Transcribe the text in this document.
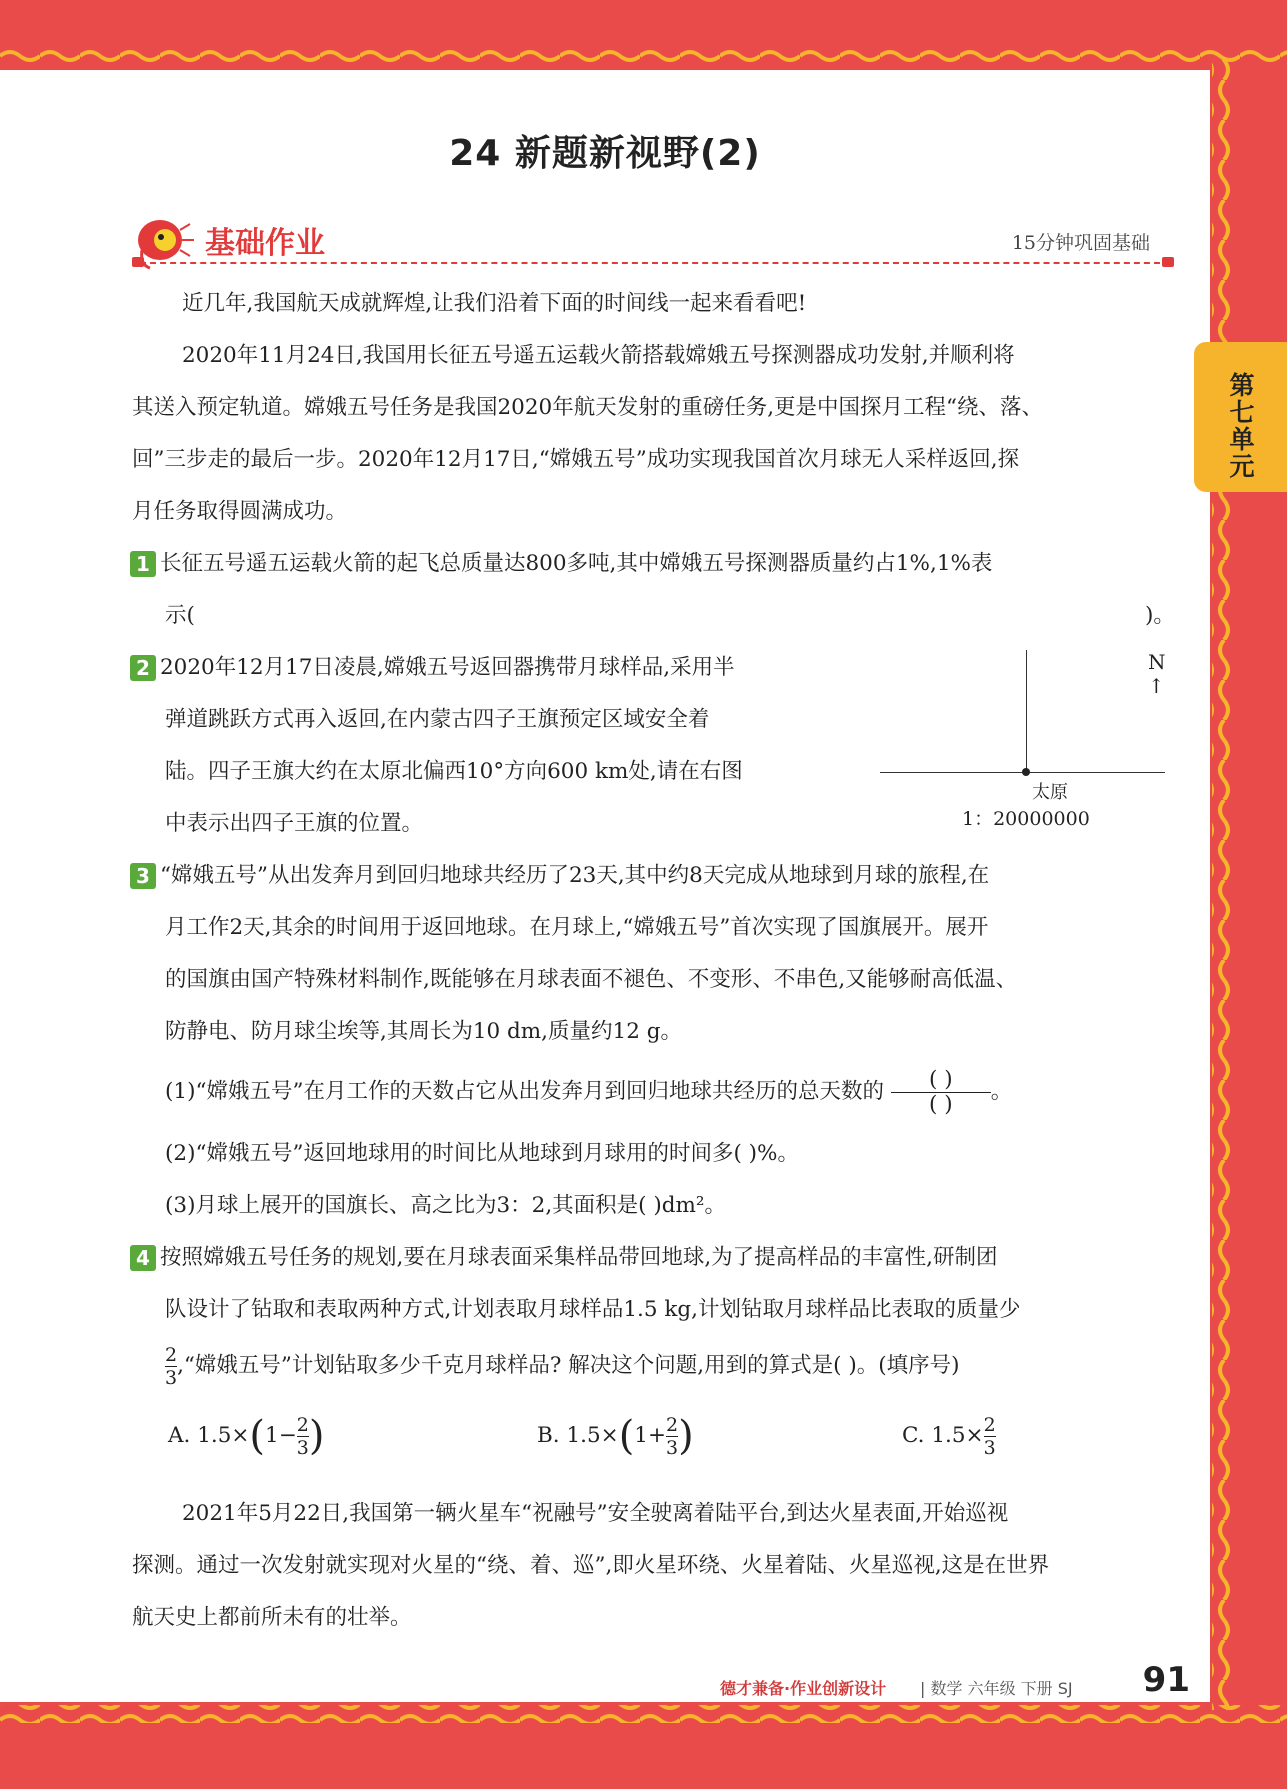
24 新题新视野(2)
基础作业	15分钟巩固基础
近几年,我国航天成就辉煌,让我们沿着下面的时间线一起来看看吧!
2020年11月24日,我国用长征五号遥五运载火箭搭载嫦娥五号探测器成功发射,并顺利将
其送入预定轨道。嫦娥五号任务是我国2020年航天发射的重磅任务,更是中国探月工程“绕、落、
回”三步走的最后一步。2020年12月17日,“嫦娥五号”成功实现我国首次月球无人采样返回,探
月任务取得圆满成功。
1 长征五号遥五运载火箭的起飞总质量达800多吨,其中嫦娥五号探测器质量约占1%,1%表
示(	)。
2 2020年12月17日凌晨,嫦娥五号返回器携带月球样品,采用半
弹道跳跃方式再入返回,在内蒙古四子王旗预定区域安全着
陆。四子王旗大约在太原北偏西10°方向600 km处,请在右图
中表示出四子王旗的位置。
N
↑
太原
1：20000000
3 “嫦娥五号”从出发奔月到回归地球共经历了23天,其中约8天完成从地球到月球的旅程,在
月工作2天,其余的时间用于返回地球。在月球上,“嫦娥五号”首次实现了国旗展开。展开
的国旗由国产特殊材料制作,既能够在月球表面不褪色、不变形、不串色,又能够耐高低温、
防静电、防月球尘埃等,其周长为10 dm,质量约12 g。
(1)“嫦娥五号”在月工作的天数占它从出发奔月到回归地球共经历的总天数的	( )
( )	。
(2)“嫦娥五号”返回地球用的时间比从地球到月球用的时间多( )%。
(3)月球上展开的国旗长、高之比为3：2,其面积是( )dm²。
4 按照嫦娥五号任务的规划,要在月球表面采集样品带回地球,为了提高样品的丰富性,研制团
队设计了钻取和表取两种方式,计划表取月球样品1.5 kg,计划钻取月球样品比表取的质量少
$\frac{2}{3}$ ,“嫦娥五号”计划钻取多少千克月球样品? 解决这个问题,用到的算式是( )。(填序号)
A. $1.5\times(1- \frac{2}{3}$ )	B. $1.5\times(1+ \frac{2}{3}$ )	C. $1.5\times \frac{2}{3}$
2021年5月22日,我国第一辆火星车“祝融号”安全驶离着陆平台,到达火星表面,开始巡视
探测。通过一次发射就实现对火星的“绕、着、巡”,即火星环绕、火星着陆、火星巡视,这是在世界
航天史上都前所未有的壮举。
第七单元
德才兼备·作业创新设计 | 数学 六年级 下册 SJ 91
